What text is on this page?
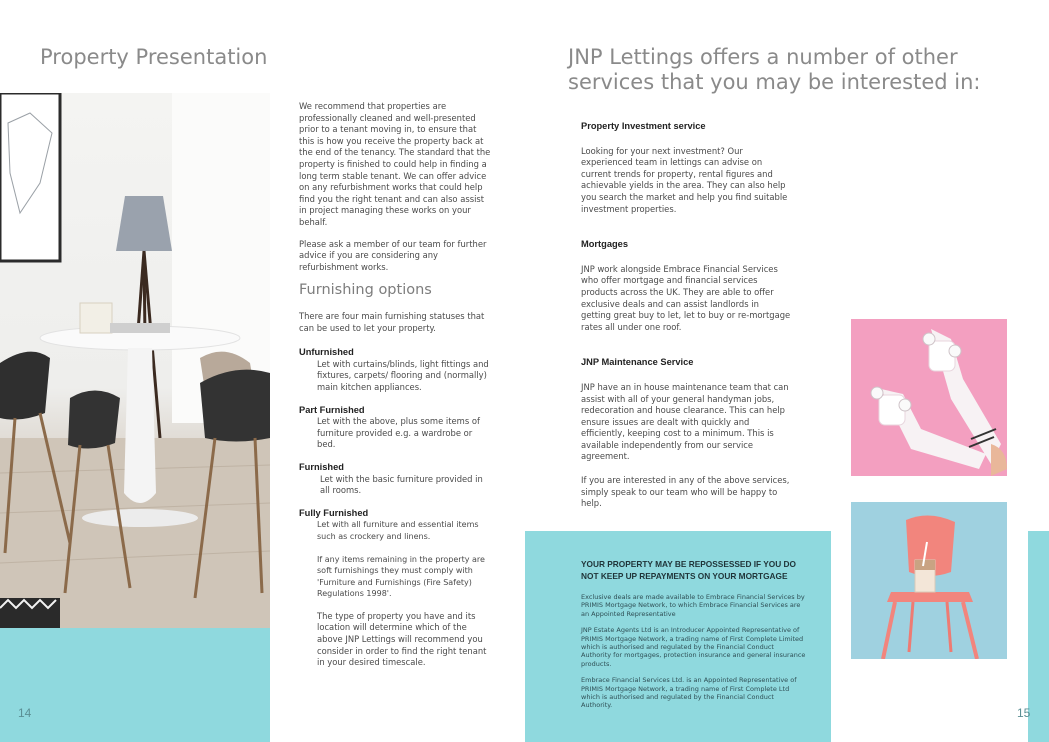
Property Presentation
14

We recommend that properties are professionally cleaned and well-presented prior to a tenant moving in, to ensure that this is how you receive the property back at the end of the tenancy. The standard that the property is finished to could help in finding a long term stable tenant. We can offer advice on any refurbishment works that could help find you the right tenant and can also assist in project managing these works on your behalf.

Please ask a member of our team for further advice if you are considering any refurbishment works.

Furnishing options

There are four main furnishing statuses that can be used to let your property.

Unfurnished

Let with curtains/blinds, light fittings and fixtures, carpets/ flooring and (normally) main kitchen appliances.

Part Furnished

Let with the above, plus some items of furniture provided e.g. a wardrobe or bed.

Furnished

Let with the basic furniture provided in all rooms.

Fully Furnished

Let with all furniture and essential items such as crockery and linens.

If any items remaining in the property are soft furnishings they must comply with 'Furniture and Furnishings (Fire Safety) Regulations 1998'.

The type of property you have and its location will determine which of the above JNP Lettings will recommend you consider in order to find the right tenant in your desired timescale.

JNP Lettings offers a number of other services that you may be interested in:
Property Investment service

Looking for your next investment? Our experienced team in lettings can advise on current trends for property, rental figures and achievable yields in the area. They can also help you search the market and help you find suitable investment properties.

Mortgages

JNP work alongside Embrace Financial Services who offer mortgage and financial services products across the UK. They are able to offer exclusive deals and can assist landlords in getting great buy to let, let to buy or re-mortgage rates all under one roof.

JNP Maintenance Service

JNP have an in house maintenance team that can assist with all of your general handyman jobs, redecoration and house clearance. This can help ensure issues are dealt with quickly and efficiently, keeping cost to a minimum. This is available independently from our service agreement.

If you are interested in any of the above services, simply speak to our team who will be happy to help.

YOUR PROPERTY MAY BE REPOSSESSED IF YOU DO NOT KEEP UP REPAYMENTS ON YOUR MORTGAGE

Exclusive deals are made available to Embrace Financial Services by PRIMIS Mortgage Network, to which Embrace Financial Services are an Appointed Representative

JNP Estate Agents Ltd is an Introducer Appointed Representative of PRIMIS Mortgage Network, a trading name of First Complete Limited which is authorised and regulated by the Financial Conduct Authority for mortgages, protection insurance and general insurance products.

Embrace Financial Services Ltd. is an Appointed Representative of PRIMIS Mortgage Network, a trading name of First Complete Ltd which is authorised and regulated by the Financial Conduct Authority.

15
